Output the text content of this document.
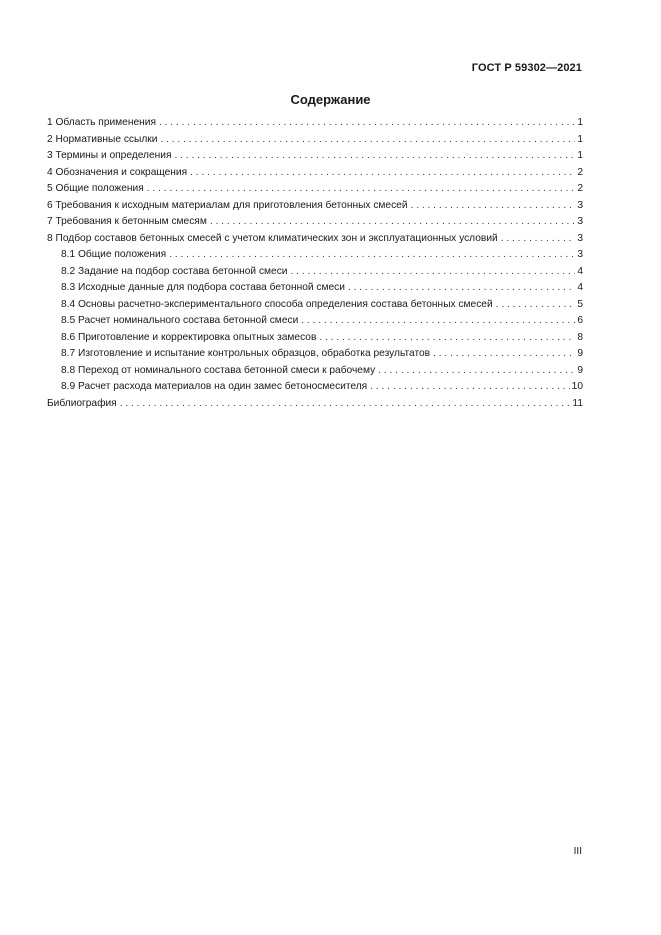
ГОСТ Р 59302—2021
Содержание
1 Область применения . . .	1
2 Нормативные ссылки . . .	1
3 Термины и определения . . .	1
4 Обозначения и сокращения . . .	2
5 Общие положения . . .	2
6 Требования к исходным материалам для приготовления бетонных смесей . . .	3
7 Требования к бетонным смесям . . .	3
8 Подбор составов бетонных смесей с учетом климатических зон и эксплуатационных условий . . .	3
8.1 Общие положения . . .	3
8.2 Задание на подбор состава бетонной смеси . . .	4
8.3 Исходные данные для подбора состава бетонной смеси . . .	4
8.4 Основы расчетно-экспериментального способа определения состава бетонных смесей . . .	5
8.5 Расчет номинального состава бетонной смеси . . .	6
8.6 Приготовление и корректировка опытных замесов . . .	8
8.7 Изготовление и испытание контрольных образцов, обработка результатов . . .	9
8.8 Переход от номинального состава бетонной смеси к рабочему . . .	9
8.9 Расчет расхода материалов на один замес бетоносмесителя . . .	10
Библиография . . .	11
III
